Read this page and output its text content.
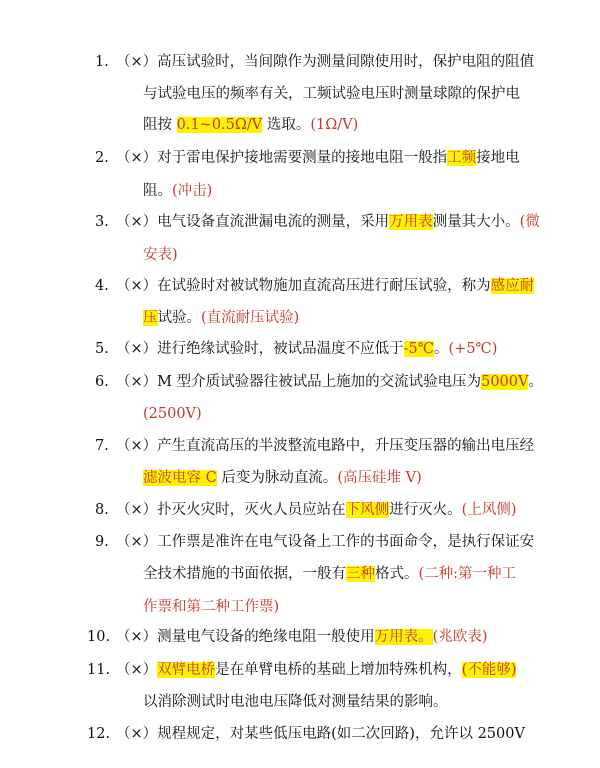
1. （×）高压试验时，当间隙作为测量间隙使用时，保护电阻的阻值
与试验电压的频率有关，工频试验电压时测量球隙的保护电
阻按 0.1~0.5Ω/V 选取。(1Ω/V)
2. （×）对于雷电保护接地需要测量的接地电阻一般指工频接地电
阻。(冲击)
3. （×）电气设备直流泄漏电流的测量，采用万用表测量其大小。(微
安表)
4. （×）在试验时对被试物施加直流高压进行耐压试验，称为感应耐
压试验。(直流耐压试验)
5. （×）进行绝缘试验时，被试品温度不应低于-5℃。(+5℃)
6. （×）M 型介质试验器往被试品上施加的交流试验电压为5000V。
(2500V)
7. （×）产生直流高压的半波整流电路中，升压变压器的输出电压经
滤波电容 C 后变为脉动直流。(高压硅堆 V)
8. （×）扑灭火灾时，灭火人员应站在下风侧进行灭火。(上风侧)
9. （×）工作票是准许在电气设备上工作的书面命令，是执行保证安
全技术措施的书面依据，一般有三种格式。(二种:第一种工
作票和第二种工作票)
10. （×）测量电气设备的绝缘电阻一般使用万用表。(兆欧表)
11. （×）双臂电桥是在单臂电桥的基础上增加特殊机构，(不能够)
以消除测试时电池电压降低对测量结果的影响。
12. （×）规程规定，对某些低压电路(如二次回路)，允许以 2500V
